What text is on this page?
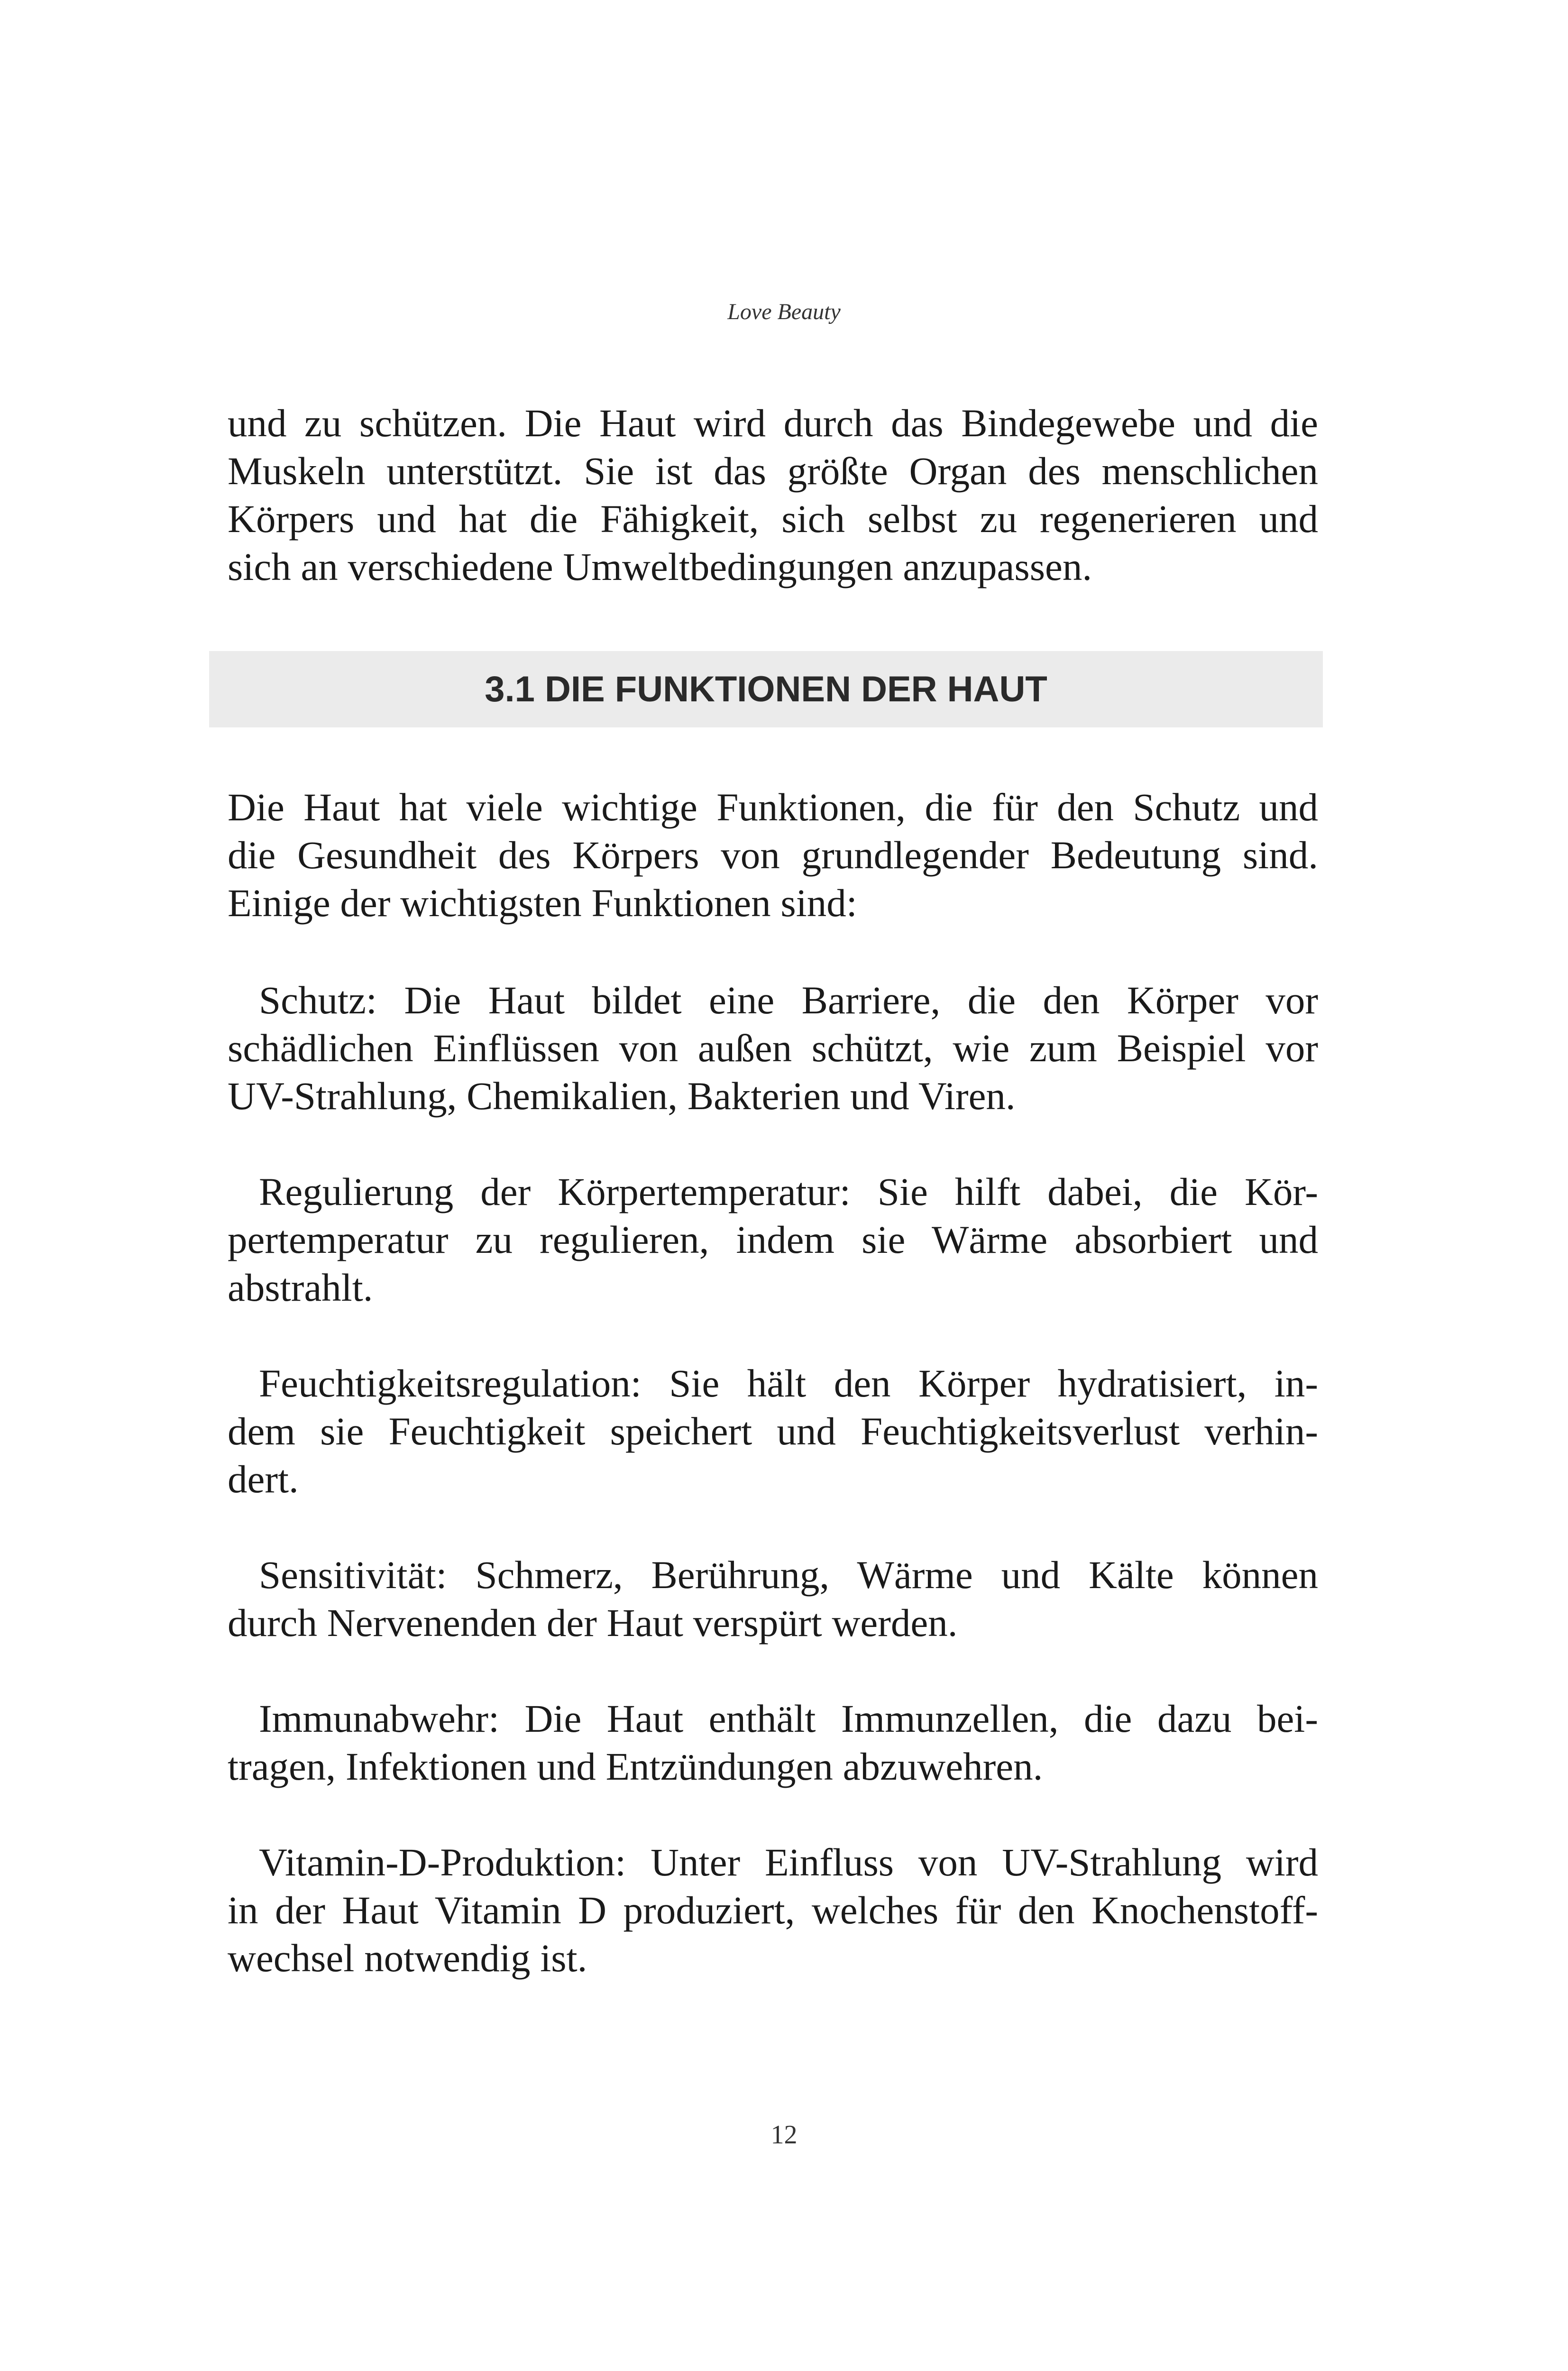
Love Beauty
und zu schützen. Die Haut wird durch das Bindegewebe und die
Muskeln unterstützt. Sie ist das größte Organ des menschlichen
Körpers und hat die Fähigkeit, sich selbst zu regenerieren und
sich an verschiedene Umweltbedingungen anzupassen.
3.1 DIE FUNKTIONEN DER HAUT
Die Haut hat viele wichtige Funktionen, die für den Schutz und
die Gesundheit des Körpers von grundlegender Bedeutung sind.
Einige der wichtigsten Funktionen sind:
Schutz: Die Haut bildet eine Barriere, die den Körper vor
schädlichen Einflüssen von außen schützt, wie zum Beispiel vor
UV-Strahlung, Chemikalien, Bakterien und Viren.
Regulierung der Körpertemperatur: Sie hilft dabei, die Kör-
pertemperatur zu regulieren, indem sie Wärme absorbiert und
abstrahlt.
Feuchtigkeitsregulation: Sie hält den Körper hydratisiert, in-
dem sie Feuchtigkeit speichert und Feuchtigkeitsverlust verhin-
dert.
Sensitivität: Schmerz, Berührung, Wärme und Kälte können
durch Nervenenden der Haut verspürt werden.
Immunabwehr: Die Haut enthält Immunzellen, die dazu bei-
tragen, Infektionen und Entzündungen abzuwehren.
Vitamin-D-Produktion: Unter Einfluss von UV-Strahlung wird
in der Haut Vitamin D produziert, welches für den Knochenstoff-
wechsel notwendig ist.
12
